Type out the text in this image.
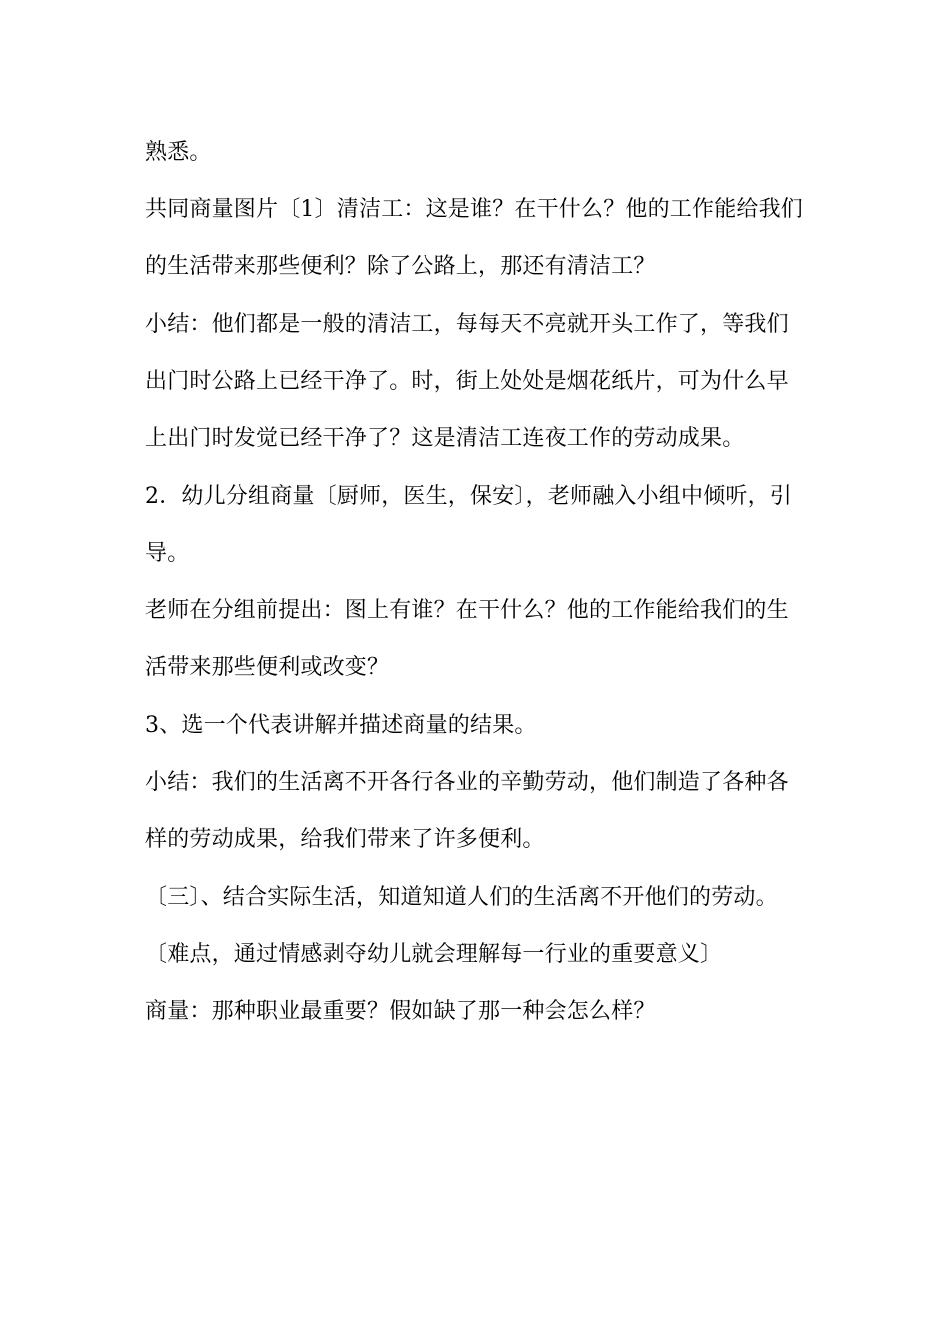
熟悉。

共同商量图片〔1〕清洁工：这是谁？在干什么？他的工作能给我们

的生活带来那些便利？除了公路上，那还有清洁工？

小结：他们都是一般的清洁工，每每天不亮就开头工作了，等我们

出门时公路上已经干净了。时，街上处处是烟花纸片，可为什么早

上出门时发觉已经干净了？这是清洁工连夜工作的劳动成果。

2．幼儿分组商量〔厨师，医生，保安〕，老师融入小组中倾听，引

导。

老师在分组前提出：图上有谁？在干什么？他的工作能给我们的生

活带来那些便利或改变？

3、选一个代表讲解并描述商量的结果。

小结：我们的生活离不开各行各业的辛勤劳动，他们制造了各种各

样的劳动成果，给我们带来了许多便利。

〔三〕、结合实际生活，知道知道人们的生活离不开他们的劳动。

〔难点，通过情感剥夺幼儿就会理解每一行业的重要意义〕

商量：那种职业最重要？假如缺了那一种会怎么样？
